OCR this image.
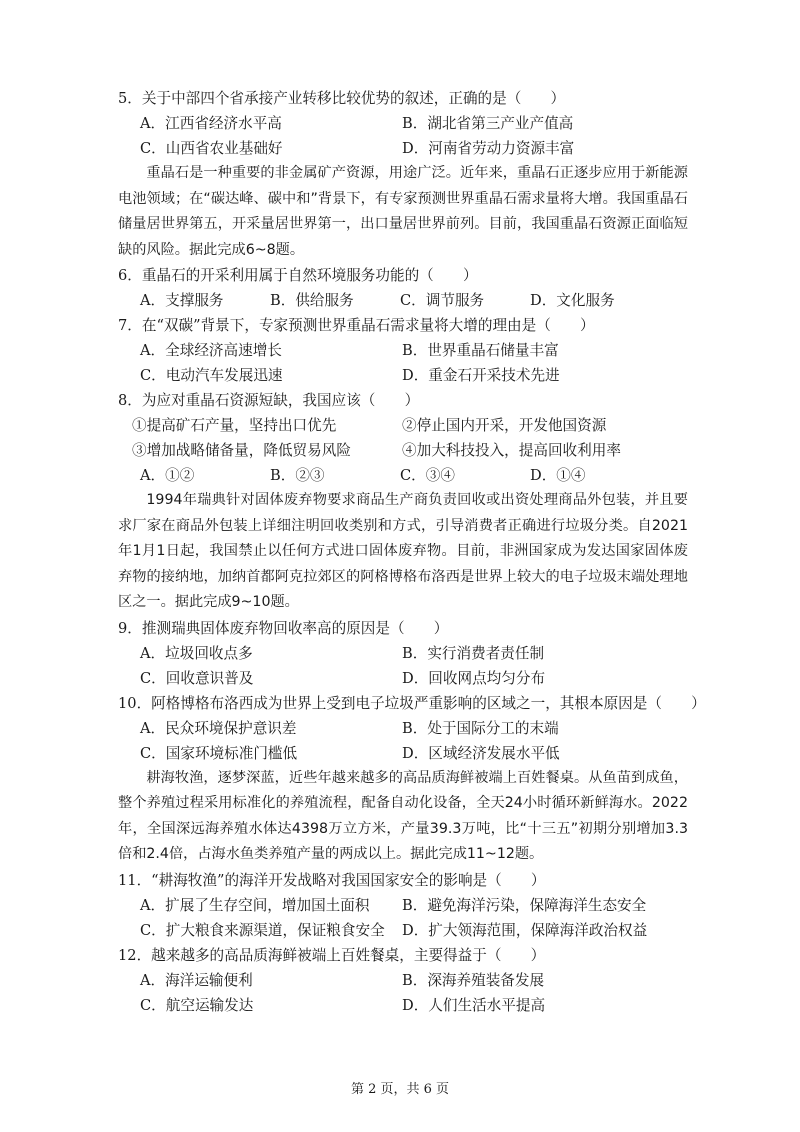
5．关于中部四个省承接产业转移比较优势的叙述，正确的是（　　）

A．江西省经济水平高	B．湖北省第三产业产值高
C．山西省农业基础好	D．河南省劳动力资源丰富

重晶石是一种重要的非金属矿产资源，用途广泛。近年来，重晶石正逐步应用于新能源电池领域；在“碳达峰、碳中和”背景下，有专家预测世界重晶石需求量将大增。我国重晶石储量居世界第五，开采量居世界第一，出口量居世界前列。目前，我国重晶石资源正面临短缺的风险。据此完成6~8题。

6．重晶石的开采利用属于自然环境服务功能的（　　）

A．支撑服务	B．供给服务	C．调节服务	D．文化服务

7．在“双碳”背景下，专家预测世界重晶石需求量将大增的理由是（　　）

A．全球经济高速增长	B．世界重晶石储量丰富
C．电动汽车发展迅速	D．重金石开采技术先进

8．为应对重晶石资源短缺，我国应该（　　）

①提高矿石产量，坚持出口优先	②停止国内开采，开发他国资源
③增加战略储备量，降低贸易风险	④加大科技投入，提高回收利用率
A．①②	B．②③	C．③④	D．①④

1994年瑞典针对固体废弃物要求商品生产商负责回收或出资处理商品外包装，并且要求厂家在商品外包装上详细注明回收类别和方式，引导消费者正确进行垃圾分类。自2021年1月1日起，我国禁止以任何方式进口固体废弃物。目前，非洲国家成为发达国家固体废弃物的接纳地，加纳首都阿克拉郊区的阿格博格布洛西是世界上较大的电子垃圾末端处理地区之一。据此完成9~10题。

9．推测瑞典固体废弃物回收率高的原因是（　　）

A．垃圾回收点多	B．实行消费者责任制
C．回收意识普及	D．回收网点均匀分布

10．阿格博格布洛西成为世界上受到电子垃圾严重影响的区域之一，其根本原因是（　　）

A．民众环境保护意识差	B．处于国际分工的末端
C．国家环境标准门槛低	D．区域经济发展水平低

耕海牧渔，逐梦深蓝，近些年越来越多的高品质海鲜被端上百姓餐桌。从鱼苗到成鱼，整个养殖过程采用标准化的养殖流程，配备自动化设备，全天24小时循环新鲜海水。2022年，全国深远海养殖水体达4398万立方米，产量39.3万吨，比“十三五”初期分别增加3.3倍和2.4倍，占海水鱼类养殖产量的两成以上。据此完成11~12题。

11．“耕海牧渔”的海洋开发战略对我国国家安全的影响是（　　）

A．扩展了生存空间，增加国土面积	B．避免海洋污染，保障海洋生态安全
C．扩大粮食来源渠道，保证粮食安全	D．扩大领海范围，保障海洋政治权益

12．越来越多的高品质海鲜被端上百姓餐桌，主要得益于（　　）

A．海洋运输便利	B．深海养殖装备发展
C．航空运输发达	D．人们生活水平提高
第 2 页，共 6 页
